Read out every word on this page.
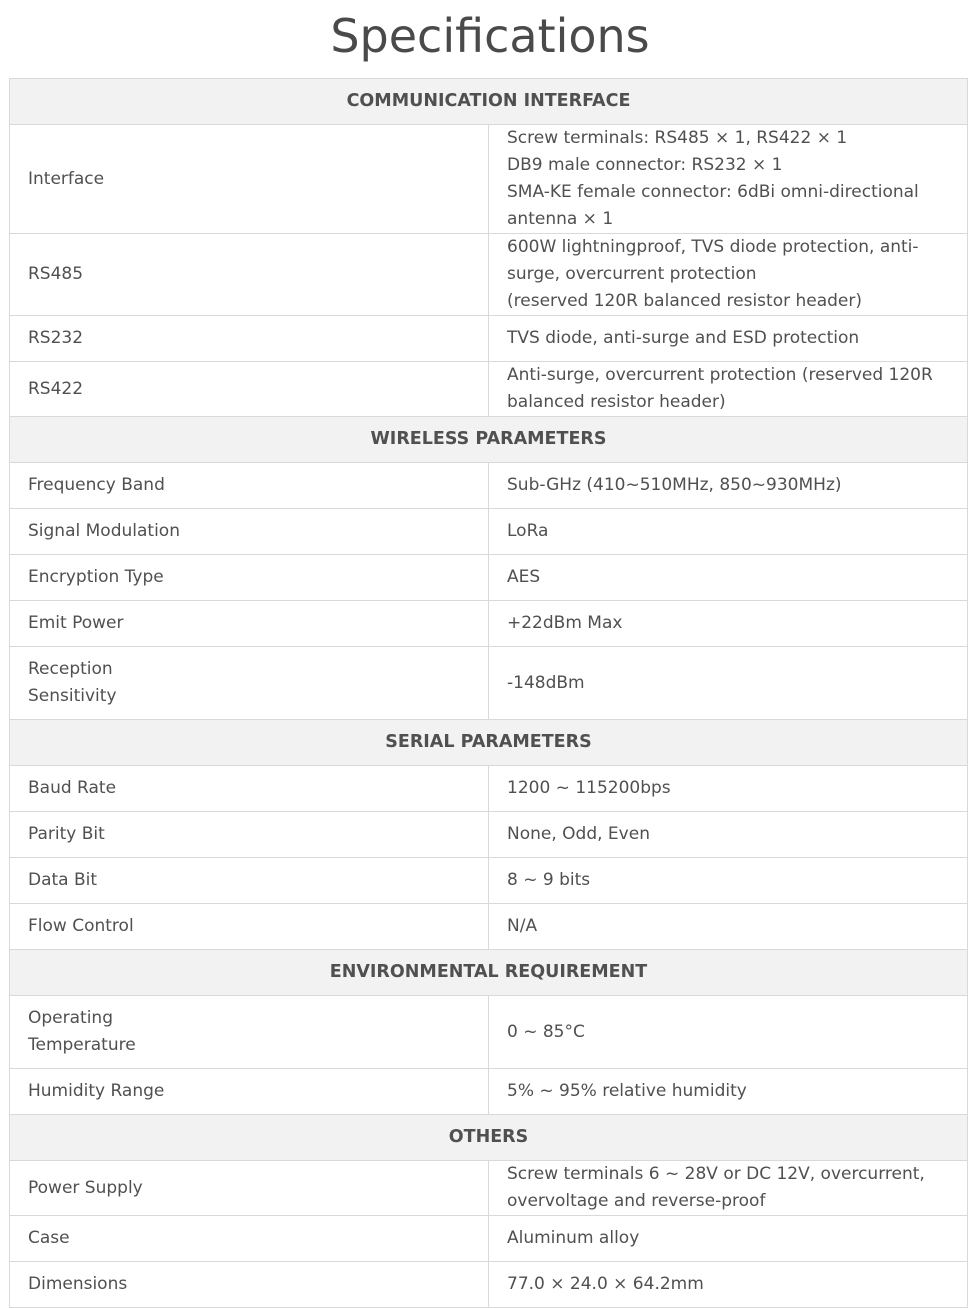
Specifications
COMMUNICATION INTERFACE	

Interface	Screw terminals: RS485 × 1, RS422 × 1
DB9 male connector: RS232 × 1
SMA-KE female connector: 6dBi omni-directional antenna × 1

RS485	600W lightningproof, TVS diode protection, anti-surge, overcurrent protection
(reserved 120R balanced resistor header)

RS232	TVS diode, anti-surge and ESD protection

RS422	Anti-surge, overcurrent protection (reserved 120R balanced resistor header)

WIRELESS PARAMETERS	

Frequency Band	Sub-GHz (410~510MHz, 850~930MHz)

Signal Modulation	LoRa

Encryption Type	AES

Emit Power	+22dBm Max

Reception
Sensitivity	-148dBm

SERIAL PARAMETERS	

Baud Rate	1200 ~ 115200bps

Parity Bit	None, Odd, Even

Data Bit	8 ~ 9 bits

Flow Control	N/A

ENVIRONMENTAL REQUIREMENT	

Operating
Temperature	0 ~ 85°C

Humidity Range	5% ~ 95% relative humidity

OTHERS	

Power Supply	Screw terminals 6 ~ 28V or DC 12V, overcurrent, overvoltage and reverse-proof

Case	Aluminum alloy

Dimensions	77.0 × 24.0 × 64.2mm
